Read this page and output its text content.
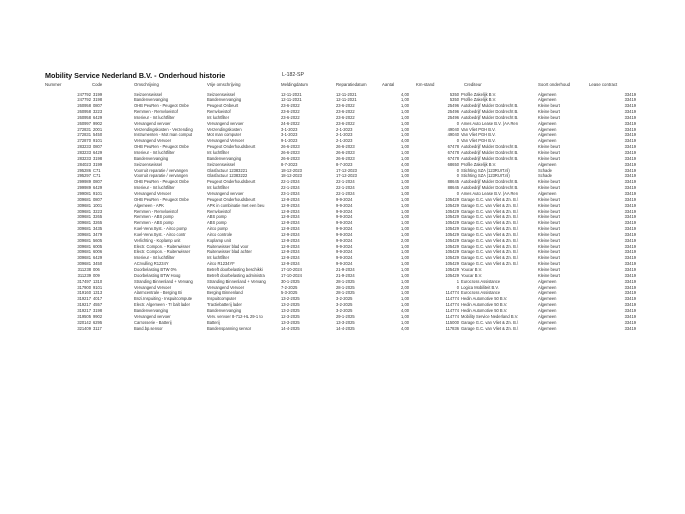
Mobility Service Nederland B.V. - Onderhoud historie	L-182-SP
Nummer	Code	Omschrijving	Vrije omschrijving	Meldingdatum	Reparatiedatum	Aantal	Km-stand	Crediteur	Soort onderhoud	Lease contract
247792 3199	Seizoenswissel	Seizoenswissel	12-11-2021	12-11-2021	4,00	5350 Profile Zakelijk B.V.	Algemeen	33419
247792 3198	Bandenvervanging	Bandenvervanging	12-11-2021	12-11-2021	1,00	5350 Profile Zakelijk B.V.	Algemeen	33419
260958 0807	OHB PeuRen - Peugeot Onbe	Peugeot Onbeurt	23-6-2022	23-6-2022	1,00	25496 Autobedrijf Mulder Dordrecht B.	Kleine beurt	33419
260958 3223	Remmen - Remvloeistof	Remvloeistof	23-6-2022	23-6-2022	1,00	25496 Autobedrijf Mulder Dordrecht B.	Kleine beurt	33419
260958 6429	Interieur - Int luchtfilter	Int luchtfilter	23-6-2022	23-6-2022	1,00	25496 Autobedrijf Mulder Dordrecht B.	Kleine beurt	33419
260997 9902	Vervangend vervoer	Vervangend vervoer	24-6-2022	23-6-2022	1,00	0 Ames Auto Lease B.V. (AA Ren	Algemeen	33419
272831 2001	Verzendingskosten - Verzending	Verzendingskosten	3-1-2023	2-1-2023	1,00	49040 Van Vliet PGH B.V.	Algemeen	33419
272831 5450	Instrumenten - Mot man comput	Mot man computer	3-1-2023	2-1-2023	1,00	49040 Van Vliet PGH B.V.	Algemeen	33419
272870 9101	Vervangend Vervoer	Vervangend Vervoer	9-1-2023	2-1-2023	4,00	0 Van Vliet PGH B.V.	Algemeen	33419
283233 0807	OHB PeuRen - Peugeot Onbe	Peugeot Onderhoudsbeurt	26-6-2023	26-6-2023	1,00	67478 Autobedrijf Mulder Dordrecht B.	Kleine beurt	33419
283233 6429	Interieur - Int luchtfilter	Int luchtfilter	26-6-2023	26-6-2023	1,00	67478 Autobedrijf Mulder Dordrecht B.	Kleine beurt	33419
283233 3198	Bandenvervanging	Bandenvervanging	26-6-2023	26-6-2023	1,00	67478 Autobedrijf Mulder Dordrecht B.	Kleine beurt	33419
284023 3199	Seizoenswissel	Seizoenswissel	8-7-2023	8-7-2023	4,00	68650 Profile Zakelijk B.V.	Algemeen	33419
295286 C71	Voorruit reparatie / vervangen	Glasfactuur 12383221	18-12-2023	17-12-2023	1,00	0 Stichting SZA (123RUIT.nl)	Schade	33419
295297 C71	Voorruit reparatie / vervangen	Glasfactuur 12383222	18-12-2023	17-12-2023	1,00	0 Stichting SZA (123RUIT.nl)	Schade	33419
299989 0807	OHB PeuRen - Peugeot Onbe	Peugeot Onderhoudsbeurt	22-1-2024	22-1-2024	1,00	88645 Autobedrijf Mulder Dordrecht B.	Kleine beurt	33419
299989 6429	Interieur - Int luchtfilter	Int luchtfilter	22-1-2024	22-1-2024	1,00	88645 Autobedrijf Mulder Dordrecht B.	Kleine beurt	33419
299081 9101	Vervangend Vervoer	Vervangend vervoer	23-1-2024	22-1-2024	1,00	0 Ames Auto Lease B.V. (AA Ren	Algemeen	33419
309681 0807	OHB PeuRen - Peugeot Onbe	Peugeot Onderhoudsbeurt	12-9-2024	9-9-2024	1,00	105429 Garage G.C. van Vliet & Zn. B.\	Kleine beurt	33419
309681 1001	Algemeen - APK	APK in combinatie met een beu	12-9-2024	9-9-2024	1,00	105429 Garage G.C. van Vliet & Zn. B.\	Kleine beurt	33419
309681 3223	Remmen - Remvloeistof	Remvloeistof	12-9-2024	9-9-2024	1,00	105429 Garage G.C. van Vliet & Zn. B.\	Kleine beurt	33419
309681 3265	Remmen - ABS pomp	ABS pomp	12-9-2024	9-9-2024	1,00	105429 Garage G.C. van Vliet & Zn. B.\	Kleine beurt	33419
309681 3265	Remmen - ABS pomp	ABS pomp	12-9-2024	9-9-2024	1,00	105429 Garage G.C. van Vliet & Zn. B.\	Kleine beurt	33419
309681 3435	Koel-Verw.Syst. - Airco pomp	Airco pomp	12-9-2024	9-9-2024	1,00	105429 Garage G.C. van Vliet & Zn. B.\	Kleine beurt	33419
309681 3479	Koel-Verw.Syst. - Airco contr	Airco controle	12-9-2024	9-9-2024	1,00	105429 Garage G.C. van Vliet & Zn. B.\	Kleine beurt	33419
309681 5605	Verlichting - Koplamp unit	Koplamp unit	12-9-2024	9-9-2024	2,00	105429 Garage G.C. van Vliet & Zn. B.\	Kleine beurt	33419
309681 6005	Electr. Compon. - Ruitenwisser	Ruitenwisser blad voor	12-9-2024	9-9-2024	1,00	105429 Garage G.C. van Vliet & Zn. B.\	Kleine beurt	33419
309681 6006	Electr. Compon. - Ruitenwisser	Ruitenwisser blad achter	12-9-2024	9-9-2024	1,00	105429 Garage G.C. van Vliet & Zn. B.\	Kleine beurt	33419
309681 6429	Interieur - Int luchtfilter	Int luchtfilter	12-9-2024	9-9-2024	1,00	105429 Garage G.C. van Vliet & Zn. B.\	Kleine beurt	33419
309681 3450	ACrvulling R1234Y	Airco R1234YF	12-9-2024	9-9-2024	1,00	105429 Garage G.C. van Vliet & Zn. B.\	Kleine beurt	33419
311238 006	Doorbelasting BTW 0%	Betreft doorbelasting beschikki	17-10-2024	21-9-2024	1,00	105429 Youcar B.V.	Kleine beurt	33419
311239 009	Doorbelasting BTW Hoog	Betreft doorbelasting administra	17-10-2024	21-9-2024	1,00	105429 Youcar B.V.	Kleine beurt	33419
317497 1310	Stranding Binnenland + Vervang	Stranding Binnenland + Vervang	30-1-2025	28-1-2025	1,00	1 Eurocross Assistance	Algemeen	33419
317900 9101	Vervangend Vervoer	Vervangend Vervoer	7-2-2025	28-1-2025	2,00	0 Logica Mobiliteit B.V.	Algemeen	33419
319160 1313	Alarmcentrale - Berging Bi	Berging Binnenland	5-3-2025	28-1-2025	1,00	114774 Eurocross Assistance	Algemeen	33419
319217 4017	Bnzi.Inspuiting - Inspuitcompute	Inspuitcomputer	13-2-2025	3-2-2025	1,00	114774 Hedin Automotive 50 B.V.	Algemeen	33419
319217 4557	Electr. Algemeen - Tr balt lader	Tractiebatterij lader	13-2-2025	3-2-2025	1,00	114774 Hedin Automotive 50 B.V.	Algemeen	33419
319217 3198	Bandenvervanging	Bandenvervanging	13-2-2025	3-2-2025	4,00	114774 Hedin Automotive 50 B.V.	Algemeen	33419
319505 9902	Vervangend vervoer	Verv. vervoer 8-712-HL 29-1 to	12-3-2025	29-1-2025	1,00	114774 Mobility Service Nederland B.V.	Algemeen	33419
320142 6295	Carrosserie - Batterij	Batterij	13-3-2025	13-3-2025	1,00	115000 Garage G.C. van Vliet & Zn. B.\	Algemeen	33419
321409 3117	Band.bp.sensor	Bandenspanning sensor	14-4-2025	14-4-2025	4,00	117836 Garage G.C. van Vliet & Zn. B.\	Algemeen	33419
